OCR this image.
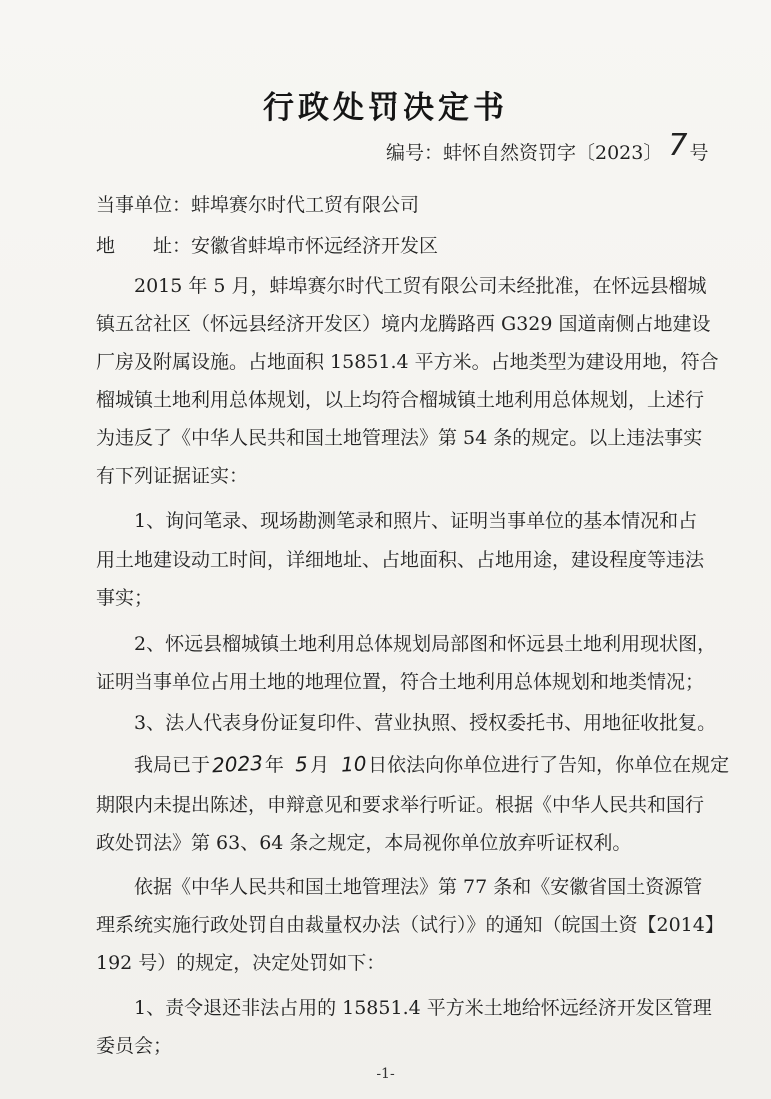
行政处罚决定书
编号：蚌怀自然资罚字〔2023〕 7 号
当事单位：蚌埠赛尔时代工贸有限公司
地　　址：安徽省蚌埠市怀远经济开发区
2015 年 5 月，蚌埠赛尔时代工贸有限公司未经批准，在怀远县榴城
镇五岔社区（怀远县经济开发区）境内龙腾路西 G329 国道南侧占地建设
厂房及附属设施。占地面积 15851.4 平方米。占地类型为建设用地，符合
榴城镇土地利用总体规划，以上均符合榴城镇土地利用总体规划，上述行
为违反了《中华人民共和国土地管理法》第 54 条的规定。以上违法事实
有下列证据证实：
1、询问笔录、现场勘测笔录和照片、证明当事单位的基本情况和占
用土地建设动工时间，详细地址、占地面积、占地用途，建设程度等违法
事实；
2、怀远县榴城镇土地利用总体规划局部图和怀远县土地利用现状图，
证明当事单位占用土地的地理位置，符合土地利用总体规划和地类情况；
3、法人代表身份证复印件、营业执照、授权委托书、用地征收批复。
我局已于2023年  5月  10日依法向你单位进行了告知，你单位在规定
期限内未提出陈述，申辩意见和要求举行听证。根据《中华人民共和国行
政处罚法》第 63、64 条之规定，本局视你单位放弃听证权利。
依据《中华人民共和国土地管理法》第 77 条和《安徽省国土资源管
理系统实施行政处罚自由裁量权办法（试行）》的通知（皖国土资【2014】
192 号）的规定，决定处罚如下：
1、责令退还非法占用的 15851.4 平方米土地给怀远经济开发区管理
委员会；
-1-
